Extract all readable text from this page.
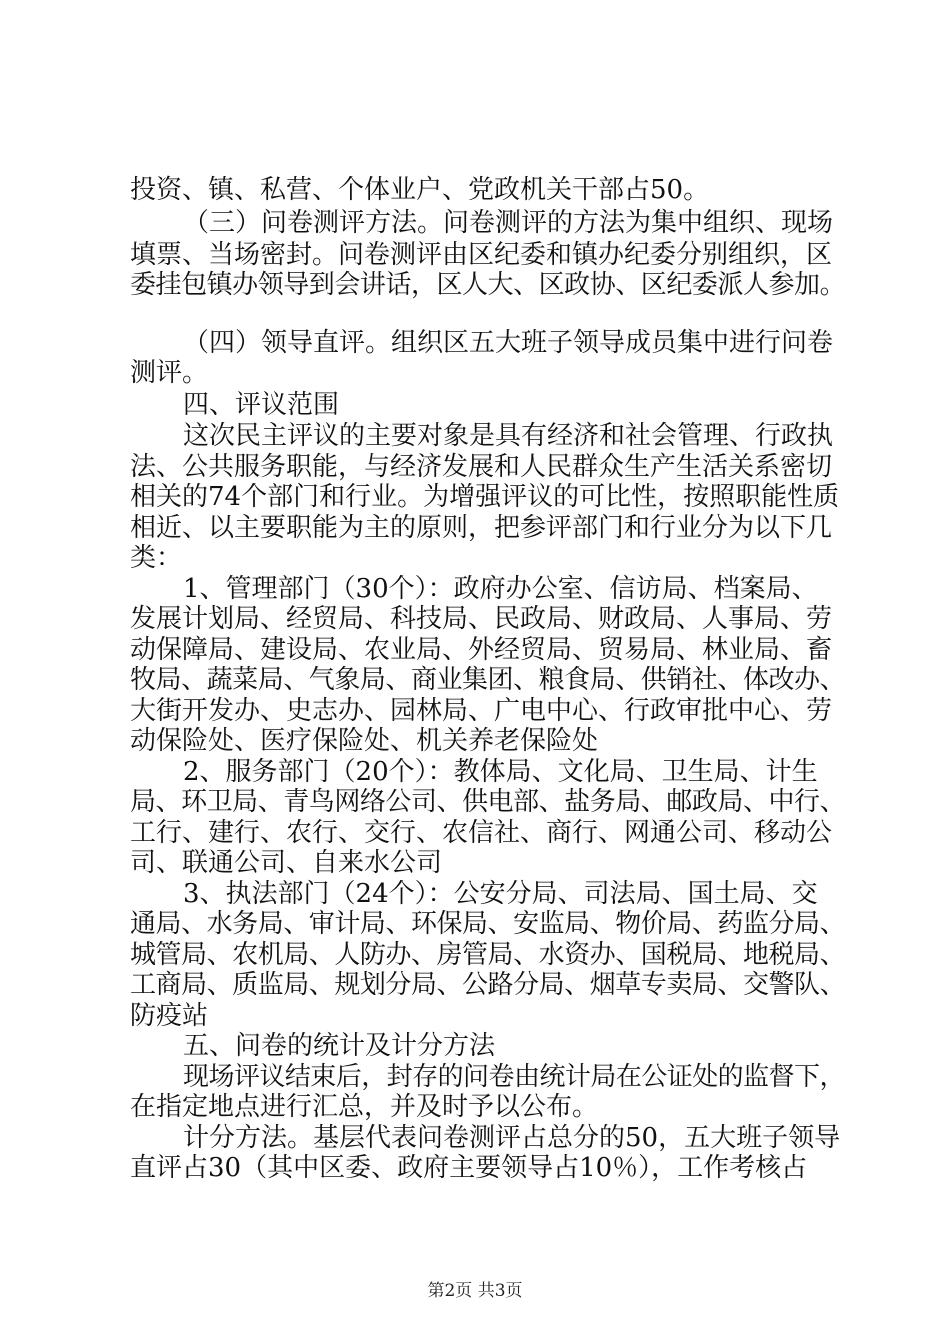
投资、镇、私营、个体业户、党政机关干部占50。
（三）问卷测评方法。问卷测评的方法为集中组织、现场
填票、当场密封。问卷测评由区纪委和镇办纪委分别组织，区
委挂包镇办领导到会讲话，区人大、区政协、区纪委派人参加。
（四）领导直评。组织区五大班子领导成员集中进行问卷
测评。
四、评议范围
这次民主评议的主要对象是具有经济和社会管理、行政执
法、公共服务职能，与经济发展和人民群众生产生活关系密切
相关的74个部门和行业。为增强评议的可比性，按照职能性质
相近、以主要职能为主的原则，把参评部门和行业分为以下几
类：
1、管理部门（30个）：政府办公室、信访局、档案局、
发展计划局、经贸局、科技局、民政局、财政局、人事局、劳
动保障局、建设局、农业局、外经贸局、贸易局、林业局、畜
牧局、蔬菜局、气象局、商业集团、粮食局、供销社、体改办、
大街开发办、史志办、园林局、广电中心、行政审批中心、劳
动保险处、医疗保险处、机关养老保险处
2、服务部门（20个）：教体局、文化局、卫生局、计生
局、环卫局、青鸟网络公司、供电部、盐务局、邮政局、中行、
工行、建行、农行、交行、农信社、商行、网通公司、移动公
司、联通公司、自来水公司
3、执法部门（24个）：公安分局、司法局、国土局、交
通局、水务局、审计局、环保局、安监局、物价局、药监分局、
城管局、农机局、人防办、房管局、水资办、国税局、地税局、
工商局、质监局、规划分局、公路分局、烟草专卖局、交警队、
防疫站
五、问卷的统计及计分方法
现场评议结束后，封存的问卷由统计局在公证处的监督下，
在指定地点进行汇总，并及时予以公布。
计分方法。基层代表问卷测评占总分的50，五大班子领导
直评占30（其中区委、政府主要领导占10％），工作考核占
第2页 共3页
